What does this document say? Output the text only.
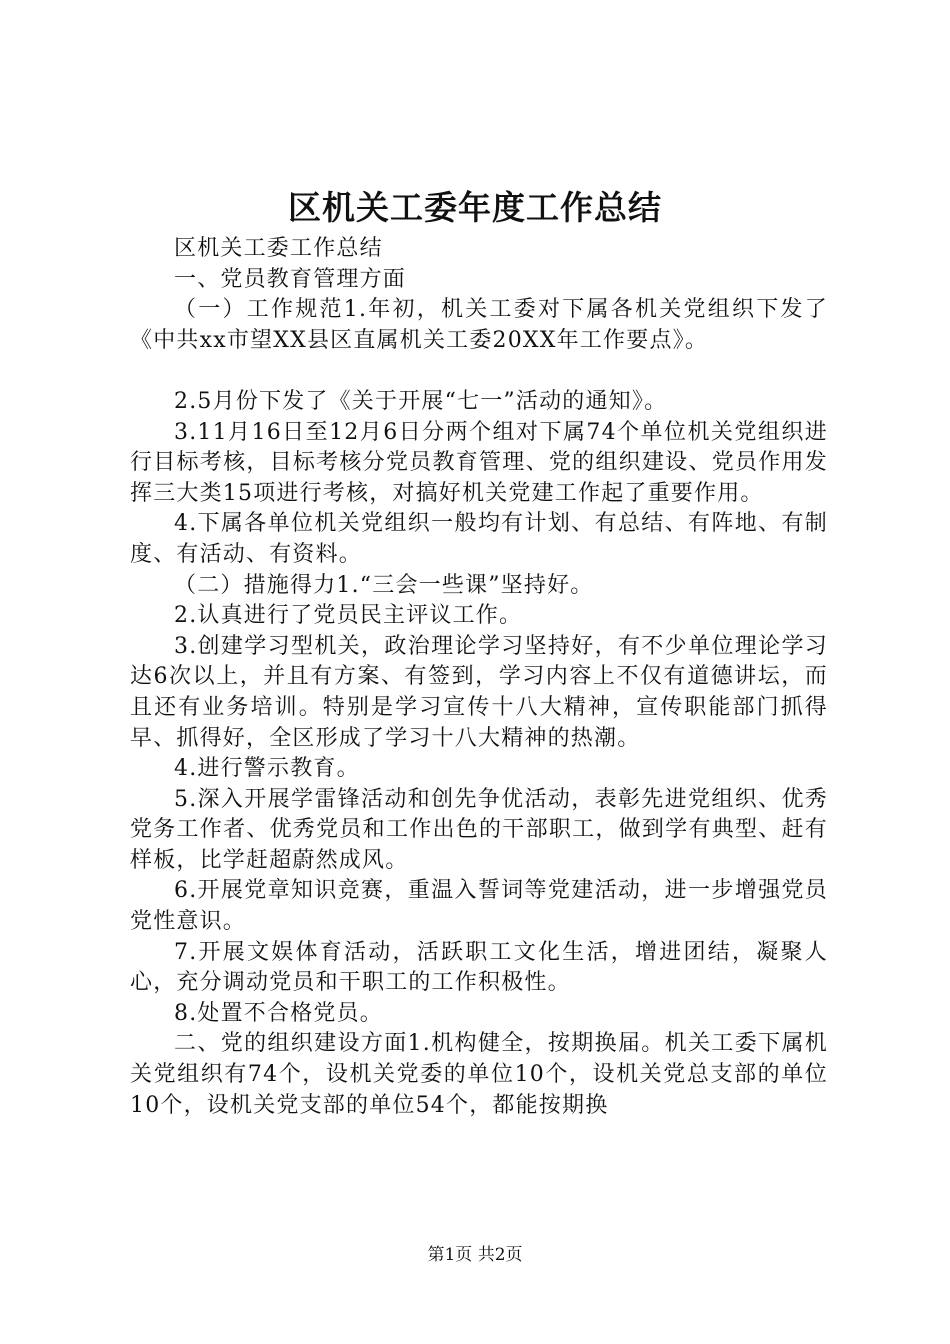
区机关工委年度工作总结

区机关工委工作总结

一、党员教育管理方面

（一）工作规范1.年初，机关工委对下属各机关党组织下发了《中共xx市望XX县区直属机关工委20XX年工作要点》。

2.5月份下发了《关于开展“七一”活动的通知》。

3.11月16日至12月6日分两个组对下属74个单位机关党组织进行目标考核，目标考核分党员教育管理、党的组织建设、党员作用发挥三大类15项进行考核，对搞好机关党建工作起了重要作用。

4.下属各单位机关党组织一般均有计划、有总结、有阵地、有制度、有活动、有资料。

（二）措施得力1.“三会一些课”坚持好。

2.认真进行了党员民主评议工作。

3.创建学习型机关，政治理论学习坚持好，有不少单位理论学习达6次以上，并且有方案、有签到，学习内容上不仅有道德讲坛，而且还有业务培训。特别是学习宣传十八大精神，宣传职能部门抓得早、抓得好，全区形成了学习十八大精神的热潮。

4.进行警示教育。

5.深入开展学雷锋活动和创先争优活动，表彰先进党组织、优秀党务工作者、优秀党员和工作出色的干部职工，做到学有典型、赶有样板，比学赶超蔚然成风。

6.开展党章知识竞赛，重温入誓词等党建活动，进一步增强党员党性意识。

7.开展文娱体育活动，活跃职工文化生活，增进团结，凝聚人心，充分调动党员和干职工的工作积极性。

8.处置不合格党员。

二、党的组织建设方面1.机构健全，按期换届。机关工委下属机关党组织有74个，设机关党委的单位10个，设机关党总支部的单位10个，设机关党支部的单位54个，都能按期换

第1页 共2页
